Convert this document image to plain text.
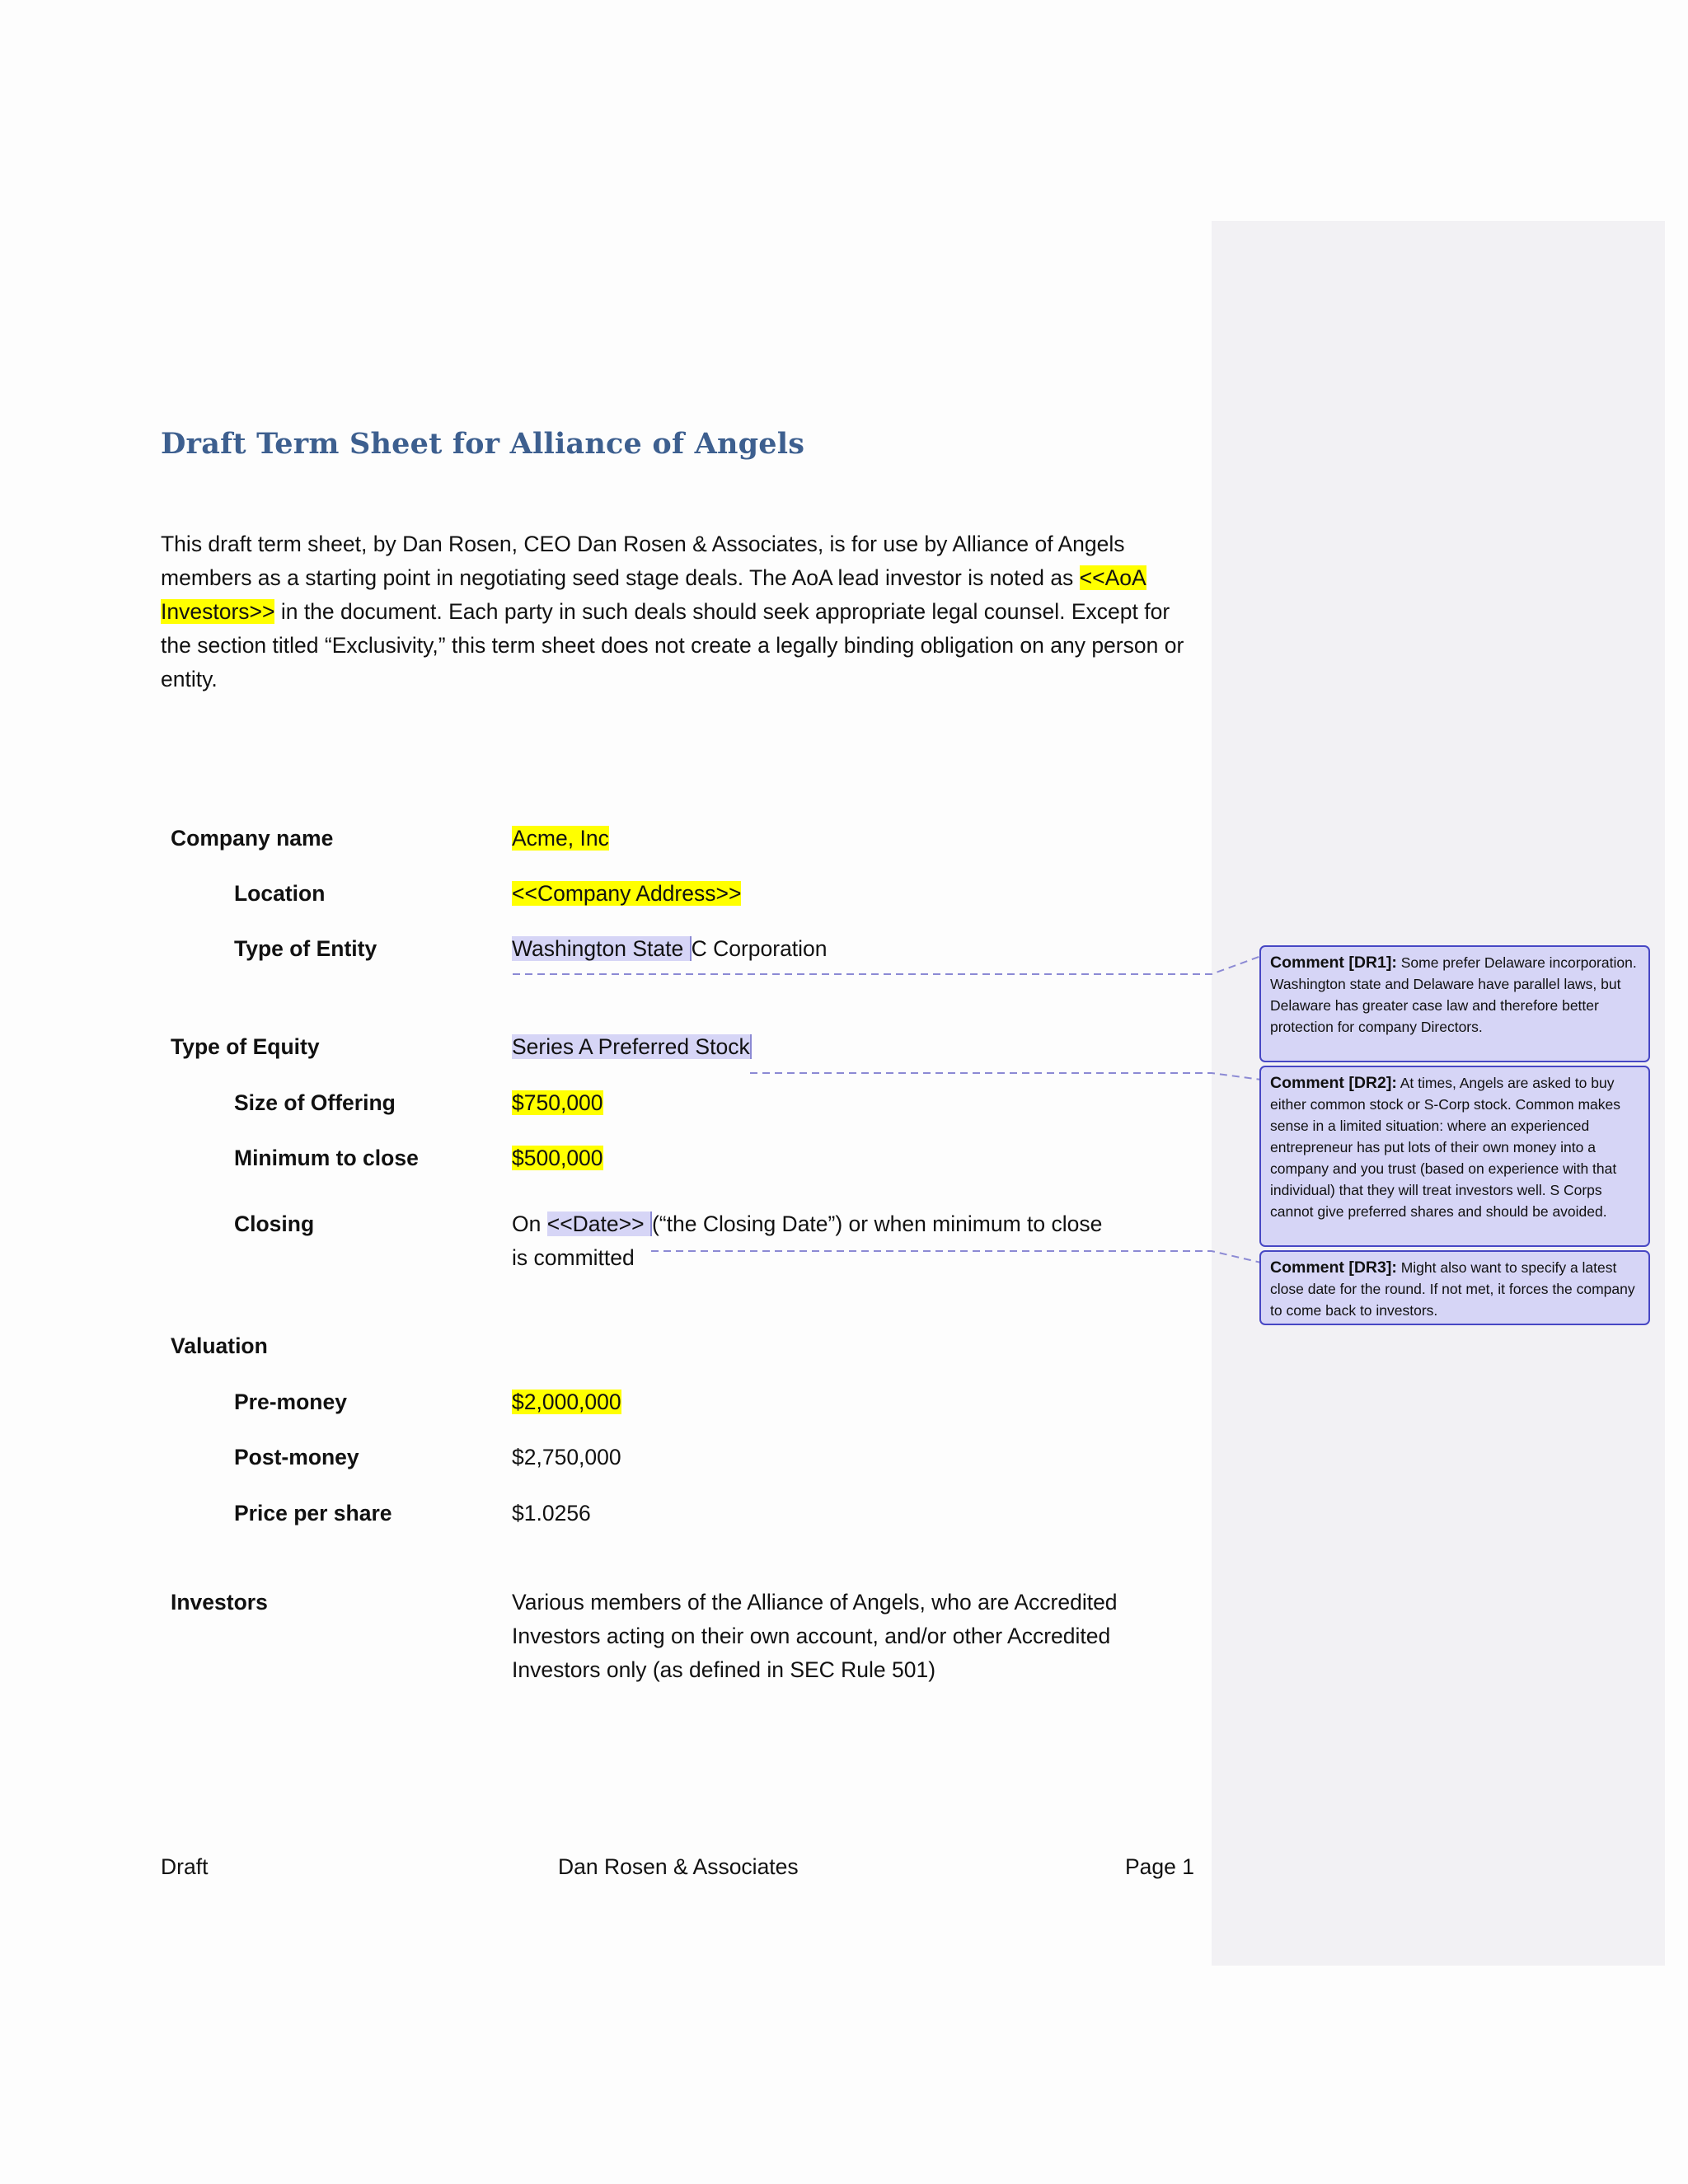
Draft Term Sheet for Alliance of Angels
This draft term sheet, by Dan Rosen, CEO Dan Rosen & Associates, is for use by Alliance of Angels members as a starting point in negotiating seed stage deals. The AoA lead investor is noted as <<AoA Investors>> in the document. Each party in such deals should seek appropriate legal counsel. Except for the section titled “Exclusivity,” this term sheet does not create a legally binding obligation on any person or entity.
Company name	Acme, Inc
Location	<<Company Address>>
Type of Entity	Washington State C Corporation
Type of Equity	Series A Preferred Stock
Size of Offering	$750,000
Minimum to close	$500,000
Closing	On <<Date>> (“the Closing Date”) or when minimum to close
is committed
Valuation
Pre-money	$2,000,000
Post-money	$2,750,000
Price per share	$1.0256
Investors	Various members of the Alliance of Angels, who are Accredited Investors acting on their own account, and/or other Accredited Investors only (as defined in SEC Rule 501)
Draft	Dan Rosen & Associates	Page 1
Comment [DR1]: Some prefer Delaware incorporation. Washington state and Delaware have parallel laws, but Delaware has greater case law and therefore better protection for company Directors.
Comment [DR2]: At times, Angels are asked to buy either common stock or S-Corp stock. Common makes sense in a limited situation: where an experienced entrepreneur has put lots of their own money into a company and you trust (based on experience with that individual) that they will treat investors well. S Corps cannot give preferred shares and should be avoided.
Comment [DR3]: Might also want to specify a latest close date for the round. If not met, it forces the company to come back to investors.
